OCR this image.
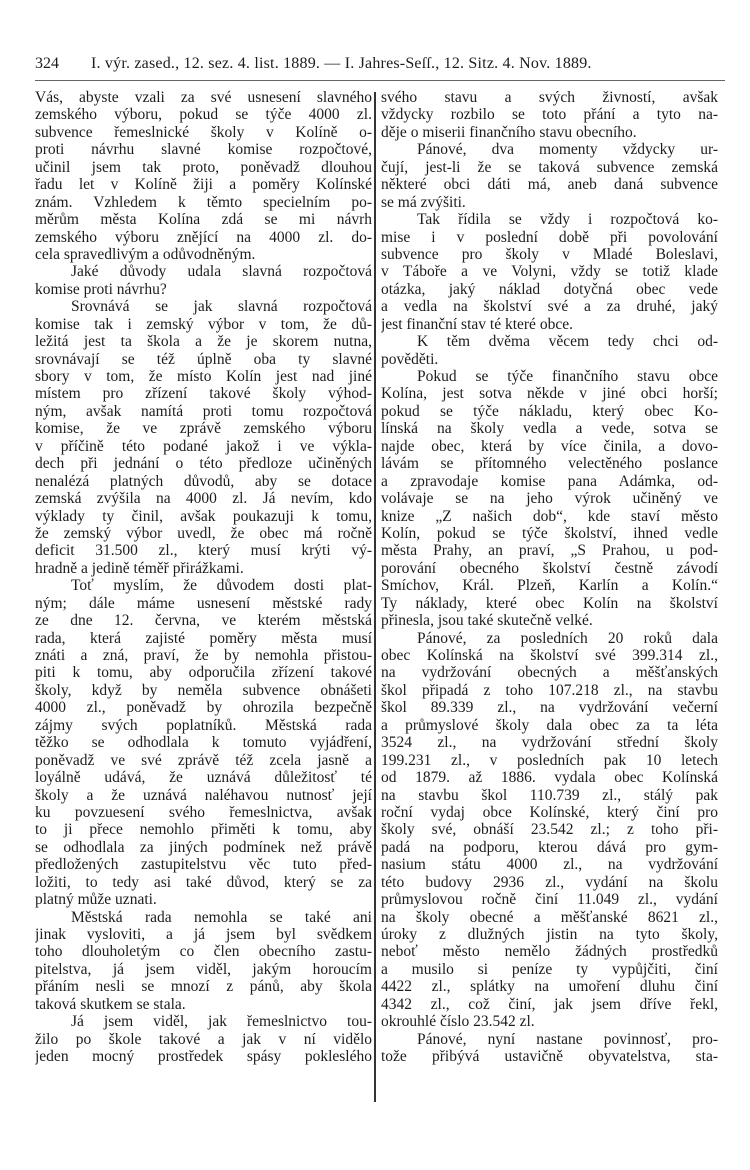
324 I. výr. zased., 12. sez. 4. list. 1889. — I. Jahres-Seſſ., 12. Sitz. 4. Nov. 1889.
Vás, abyste vzali za své usnesení slavného
zemského výboru, pokud se týče 4000 zl.
subvence řemeslnické školy v Kolíně o-
proti návrhu slavné komise rozpočtové,
učinil jsem tak proto, poněvadž dlouhou
řadu let v Kolíně žiji a poměry Kolínské
znám. Vzhledem k těmto specielním po-
měrům města Kolína zdá se mi návrh
zemského výboru znějící na 4000 zl. do-
cela spravedlivým a odůvodněným.
Jaké důvody udala slavná rozpočtová
komise proti návrhu?
Srovnává se jak slavná rozpočtová
komise tak i zemský výbor v tom, že dů-
ležitá jest ta škola a že je skorem nutna,
srovnávají se též úplně oba ty slavné
sbory v tom, že místo Kolín jest nad jiné
místem pro zřízení takové školy výhod-
ným, avšak namítá proti tomu rozpočtová
komise, že ve zprávě zemského výboru
v příčině této podané jakož i ve výkla-
dech při jednání o této předloze učiněných
nenalézá platných důvodů, aby se dotace
zemská zvýšila na 4000 zl. Já nevím, kdo
výklady ty činil, avšak poukazuji k tomu,
že zemský výbor uvedl, že obec má ročně
deficit 31.500 zl., který musí krýti vý-
hradně a jedině téměř přirážkami.
Toť myslím, že důvodem dosti plat-
ným; dále máme usnesení městské rady
ze dne 12. června, ve kterém městská
rada, která zajisté poměry města musí
znáti a zná, praví, že by nemohla přistou-
piti k tomu, aby odporučila zřízení takové
školy, když by neměla subvence obnášeti
4000 zl., poněvadž by ohrozila bezpečně
zájmy svých poplatníků. Městská rada
těžko se odhodlala k tomuto vyjádření,
poněvadž ve své zprávě též zcela jasně a
loyálně udává, že uznává důležitosť té
školy a že uznává naléhavou nutnosť její
ku povzuesení svého řemeslnictva, avšak
to ji přece nemohlo přiměti k tomu, aby
se odhodlala za jiných podmínek než právě
předložených zastupitelstvu věc tuto před-
ložiti, to tedy asi také důvod, který se za
platný může uznati.
Městská rada nemohla se také ani
jinak vysloviti, a já jsem byl svědkem
toho dlouholetým co člen obecního zastu-
pitelstva, já jsem viděl, jakým horoucím
přáním nesli se mnozí z pánů, aby škola
taková skutkem se stala.
Já jsem viděl, jak řemeslnictvo tou-
žilo po škole takové a jak v ní vidělo
jeden mocný prostředek spásy pokleslého
svého stavu a svých živností, avšak
vždycky rozbilo se toto přání a tyto na-
děje o miserii finančního stavu obecního.
Pánové, dva momenty vždycky ur-
čují, jest-li že se taková subvence zemská
některé obci dáti má, aneb daná subvence
se má zvýšiti.
Tak řídila se vždy i rozpočtová ko-
mise i v poslední době při povolování
subvence pro školy v Mladé Boleslavi,
v Táboře a ve Volyni, vždy se totiž klade
otázka, jaký náklad dotyčná obec vede
a vedla na školství své a za druhé, jaký
jest finanční stav té které obce.
K těm dvěma věcem tedy chci od-
pověděti.
Pokud se týče finančního stavu obce
Kolína, jest sotva někde v jiné obci horší;
pokud se týče nákladu, který obec Ko-
línská na školy vedla a vede, sotva se
najde obec, která by více činila, a dovo-
lávám se přítomného velectěného poslance
a zpravodaje komise pana Adámka, od-
volávaje se na jeho výrok učiněný ve
knize „Z našich dob“, kde staví město
Kolín, pokud se týče školství, ihned vedle
města Prahy, an praví, „S Prahou, u pod-
porování obecného školství čestně závodí
Smíchov, Král. Plzeň, Karlín a Kolín.“
Ty náklady, které obec Kolín na školství
přinesla, jsou také skutečně velké.
Pánové, za posledních 20 roků dala
obec Kolínská na školství své 399.314 zl.,
na vydržování obecných a měšťanských
škol připadá z toho 107.218 zl., na stavbu
škol 89.339 zl., na vydržování večerní
a průmyslové školy dala obec za ta léta
3524 zl., na vydržování střední školy
199.231 zl., v posledních pak 10 letech
od 1879. až 1886. vydala obec Kolínská
na stavbu škol 110.739 zl., stálý pak
roční vydaj obce Kolínské, který činí pro
školy své, obnáší 23.542 zl.; z toho při-
padá na podporu, kterou dává pro gym-
nasium státu 4000 zl., na vydržování
této budovy 2936 zl., vydání na školu
průmyslovou ročně činí 11.049 zl., vydání
na školy obecné a měšťanské 8621 zl.,
úroky z dlužných jistin na tyto školy,
neboť město nemělo žádných prostředků
a musilo si peníze ty vypůjčiti, činí
4422 zl., splátky na umoření dluhu činí
4342 zl., což činí, jak jsem dříve řekl,
okrouhlé číslo 23.542 zl.
Pánové, nyní nastane povinnosť, pro-
tože přibývá ustavičně obyvatelstva, sta-
